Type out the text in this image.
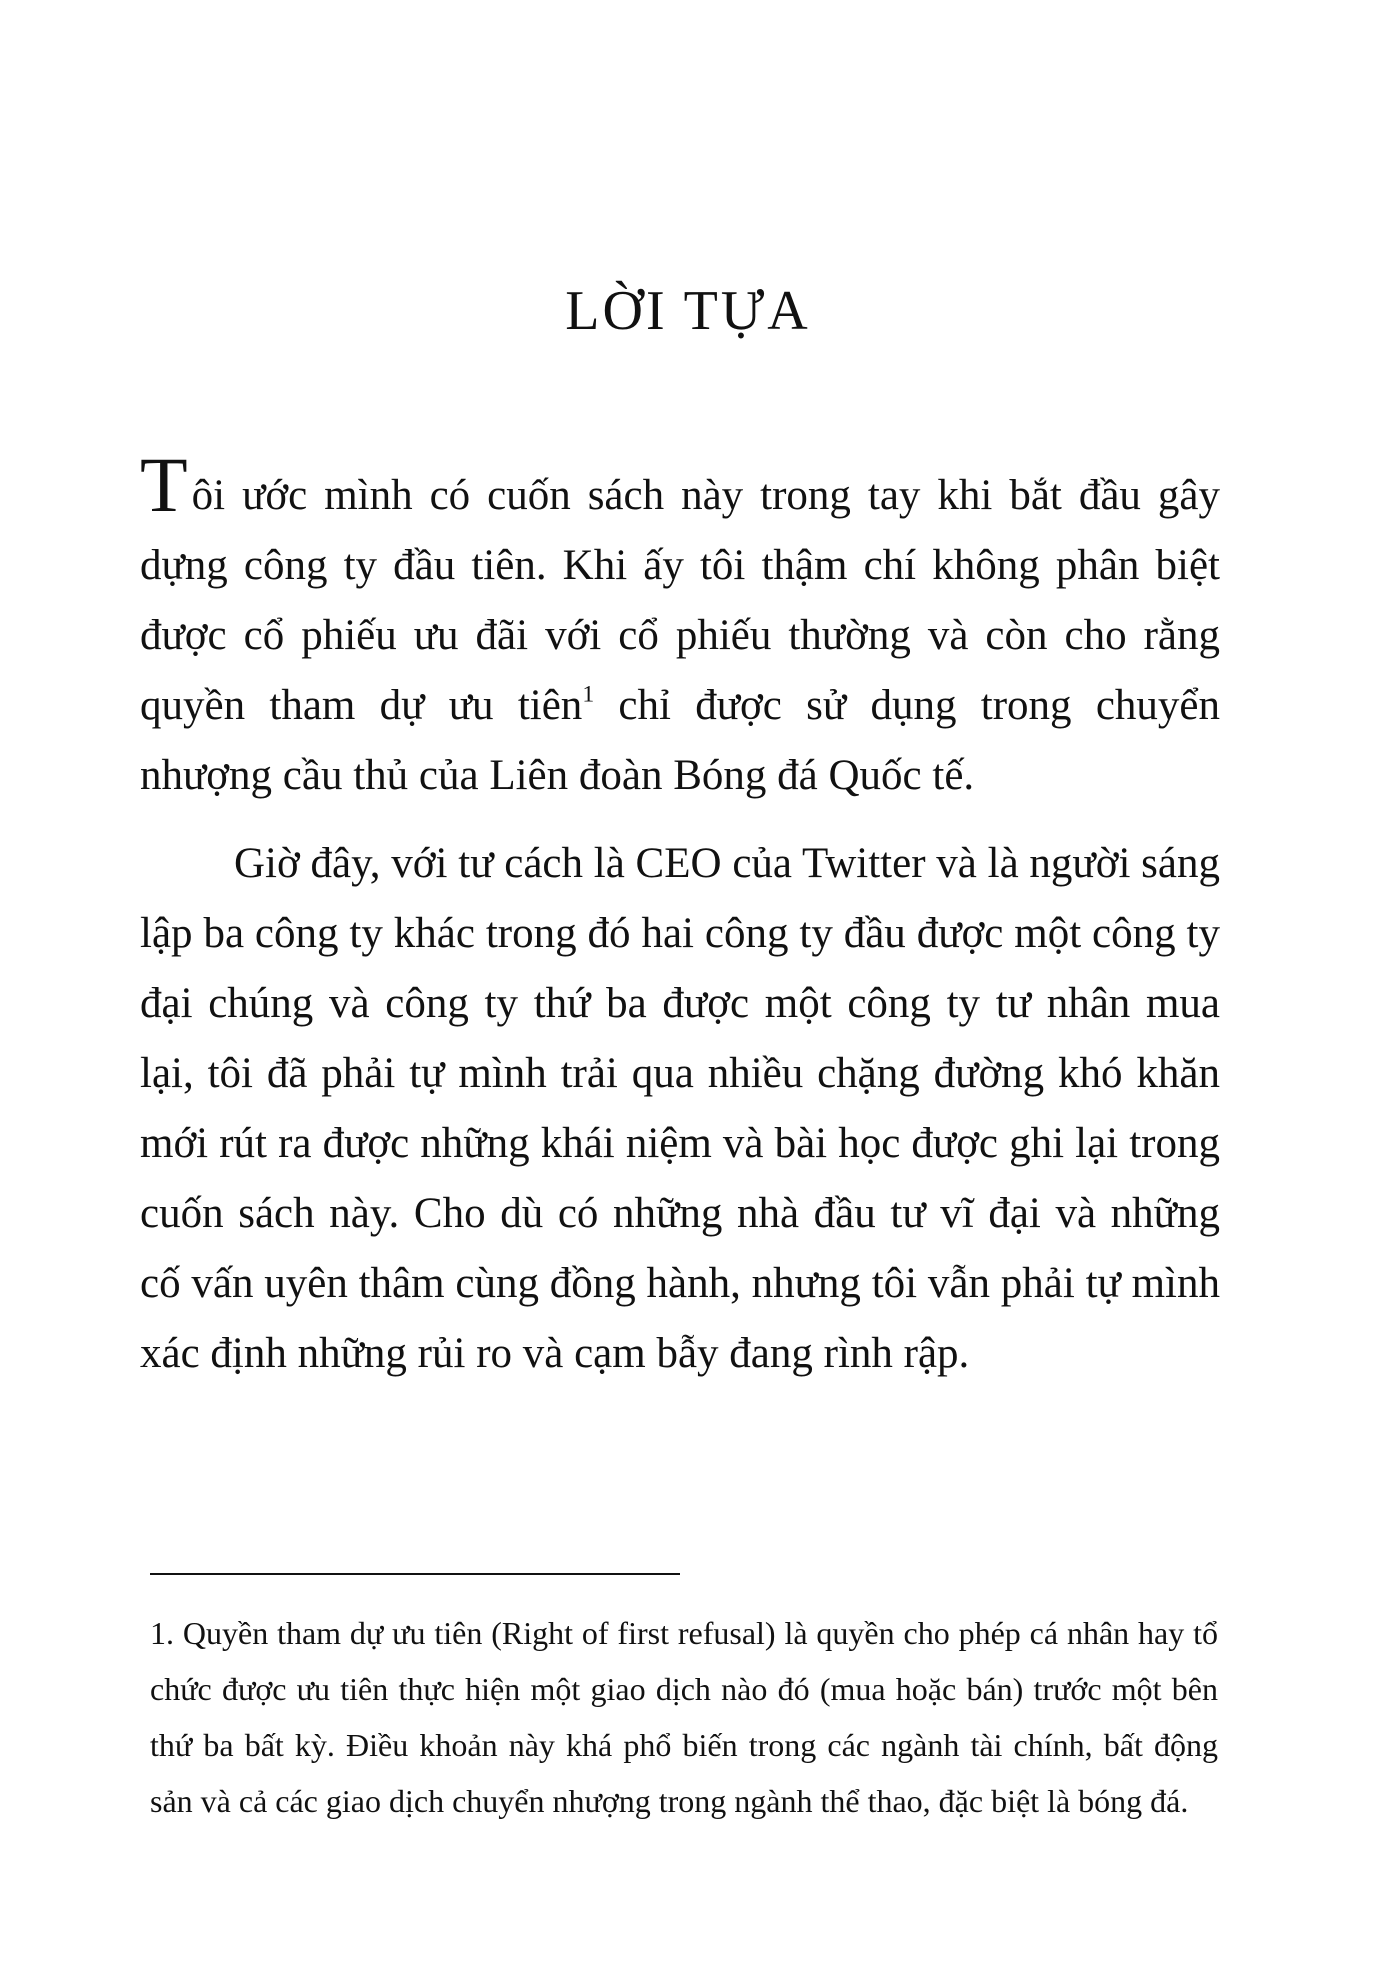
LỜI TỰA

Tôi ước mình có cuốn sách này trong tay khi bắt đầu gây dựng công ty đầu tiên. Khi ấy tôi thậm chí không phân biệt được cổ phiếu ưu đãi với cổ phiếu thường và còn cho rằng quyền tham dự ưu tiên$^1$ chỉ được sử dụng trong chuyển nhượng cầu thủ của Liên đoàn Bóng đá Quốc tế.

Giờ đây, với tư cách là CEO của Twitter và là người sáng lập ba công ty khác trong đó hai công ty đầu được một công ty đại chúng và công ty thứ ba được một công ty tư nhân mua lại, tôi đã phải tự mình trải qua nhiều chặng đường khó khăn mới rút ra được những khái niệm và bài học được ghi lại trong cuốn sách này. Cho dù có những nhà đầu tư vĩ đại và những cố vấn uyên thâm cùng đồng hành, nhưng tôi vẫn phải tự mình xác định những rủi ro và cạm bẫy đang rình rập.

1. Quyền tham dự ưu tiên (Right of first refusal) là quyền cho phép cá nhân hay tổ chức được ưu tiên thực hiện một giao dịch nào đó (mua hoặc bán) trước một bên thứ ba bất kỳ. Điều khoản này khá phổ biến trong các ngành tài chính, bất động sản và cả các giao dịch chuyển nhượng trong ngành thể thao, đặc biệt là bóng đá.
